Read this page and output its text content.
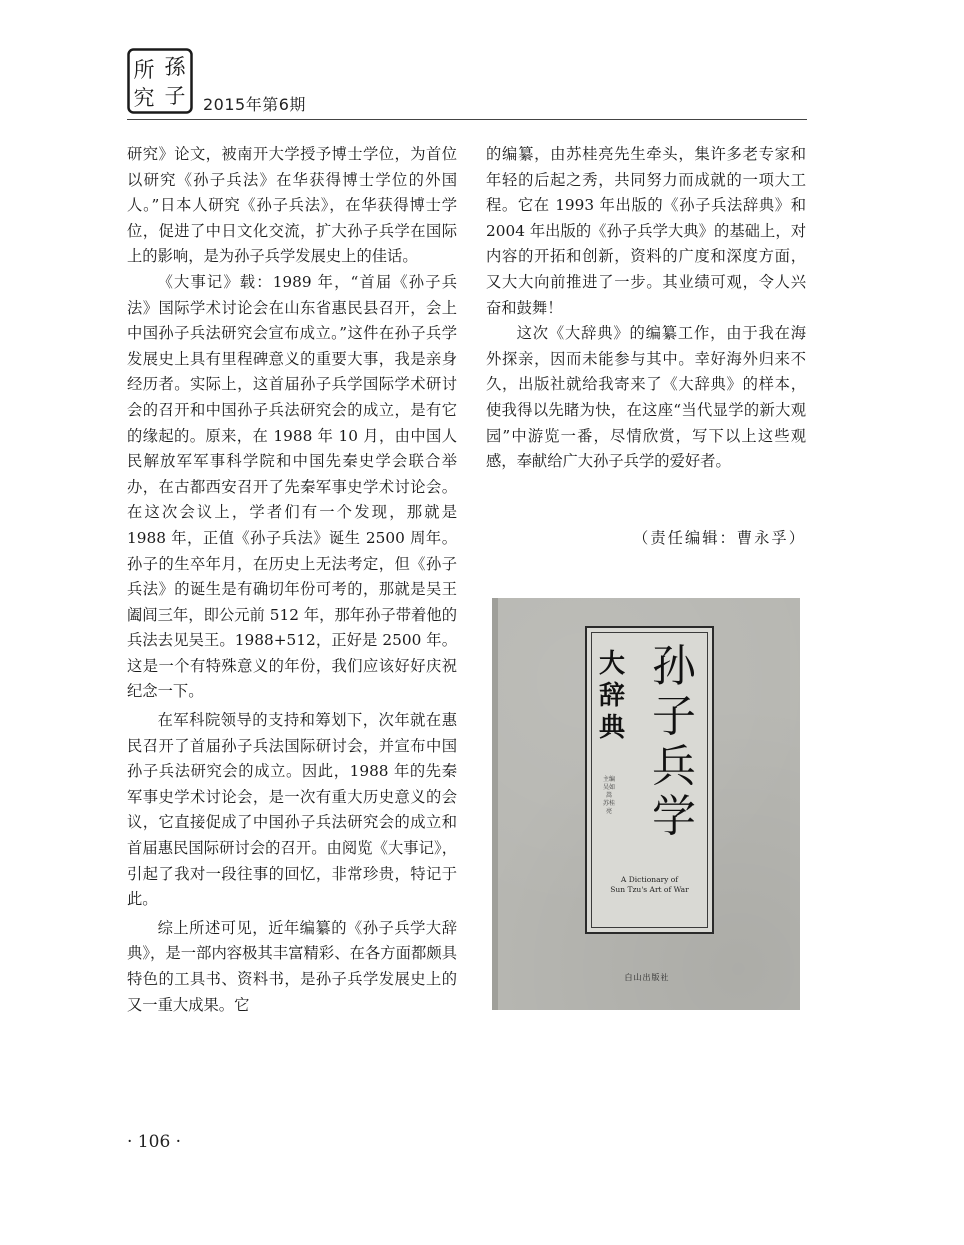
所 孫
究 子 2015年第6期

研究》论文，被南开大学授予博士学位，为首位以研究《孙子兵法》在华获得博士学位的外国人。”日本人研究《孙子兵法》，在华获得博士学位，促进了中日文化交流，扩大孙子兵学在国际上的影响，是为孙子兵学发展史上的佳话。

《大事记》载：1989 年，“首届《孙子兵法》国际学术讨论会在山东省惠民县召开，会上中国孙子兵法研究会宣布成立。”这件在孙子兵学发展史上具有里程碑意义的重要大事，我是亲身经历者。实际上，这首届孙子兵学国际学术研讨会的召开和中国孙子兵法研究会的成立，是有它的缘起的。原来，在 1988 年 10 月，由中国人民解放军军事科学院和中国先秦史学会联合举办，在古都西安召开了先秦军事史学术讨论会。在这次会议上，学者们有一个发现，那就是 1988 年，正值《孙子兵法》诞生 2500 周年。孙子的生卒年月，在历史上无法考定，但《孙子兵法》的诞生是有确切年份可考的，那就是吴王阖闾三年，即公元前 512 年，那年孙子带着他的兵法去见吴王。1988+512，正好是 2500 年。这是一个有特殊意义的年份，我们应该好好庆祝纪念一下。

在军科院领导的支持和筹划下，次年就在惠民召开了首届孙子兵法国际研讨会，并宣布中国孙子兵法研究会的成立。因此，1988 年的先秦军事史学术讨论会，是一次有重大历史意义的会议，它直接促成了中国孙子兵法研究会的成立和首届惠民国际研讨会的召开。由阅览《大事记》，引起了我对一段往事的回忆，非常珍贵，特记于此。

综上所述可见，近年编纂的《孙子兵学大辞典》，是一部内容极其丰富精彩、在各方面都颇具特色的工具书、资料书，是孙子兵学发展史上的又一重大成果。它

的编纂，由苏桂亮先生牵头，集许多老专家和年轻的后起之秀，共同努力而成就的一项大工程。它在 1993 年出版的《孙子兵法辞典》和 2004 年出版的《孙子兵学大典》的基础上，对内容的开拓和创新，资料的广度和深度方面，又大大向前推进了一步。其业绩可观，令人兴奋和鼓舞！

这次《大辞典》的编纂工作，由于我在海外探亲，因而未能参与其中。幸好海外归来不久，出版社就给我寄来了《大辞典》的样本，使我得以先睹为快，在这座“当代显学的新大观园”中游览一番，尽情欣赏，写下以上这些观感，奉献给广大孙子兵学的爱好者。

（责任编辑：曹永孚）
大辞典
孙子兵学
主编 吴如嵩 苏桂亮
A Dictionary of
Sun Tzu's Art of War
白山出版社
· 106 ·
